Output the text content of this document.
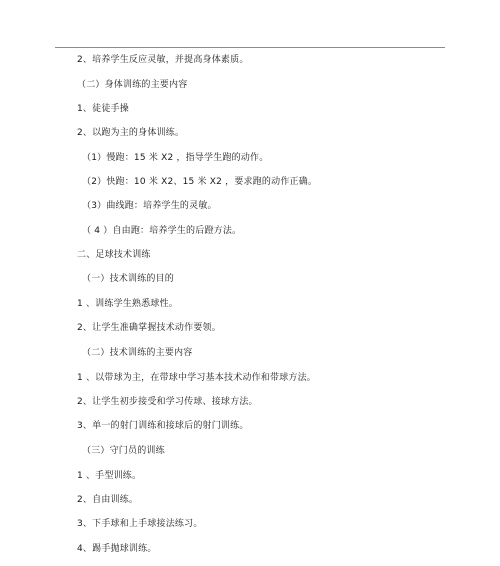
2、培养学生反应灵敏，并提高身体素质。
（二）身体训练的主要内容
1、徒徒手操
2、以跑为主的身体训练。
（1）慢跑：15 米 X2 ，指导学生跑的动作。
（2）快跑：10 米 X2、15 米 X2 ，要求跑的动作正确。
（3）曲线跑：培养学生的灵敏。
（ 4 ）自由跑：培养学生的后蹬方法。
二、足球技术训练
（一）技术训练的目的
1 、训练学生熟悉球性。
2、让学生准确掌握技术动作要领。
（二）技术训练的主要内容
1 、以带球为主，在带球中学习基本技术动作和带球方法。
2、让学生初步接受和学习传球、接球方法。
3、单一的射门训练和接球后的射门训练。
（三）守门员的训练
1 、手型训练。
2、自由训练。
3、下手球和上手球接法练习。
4、踢手抛球训练。
